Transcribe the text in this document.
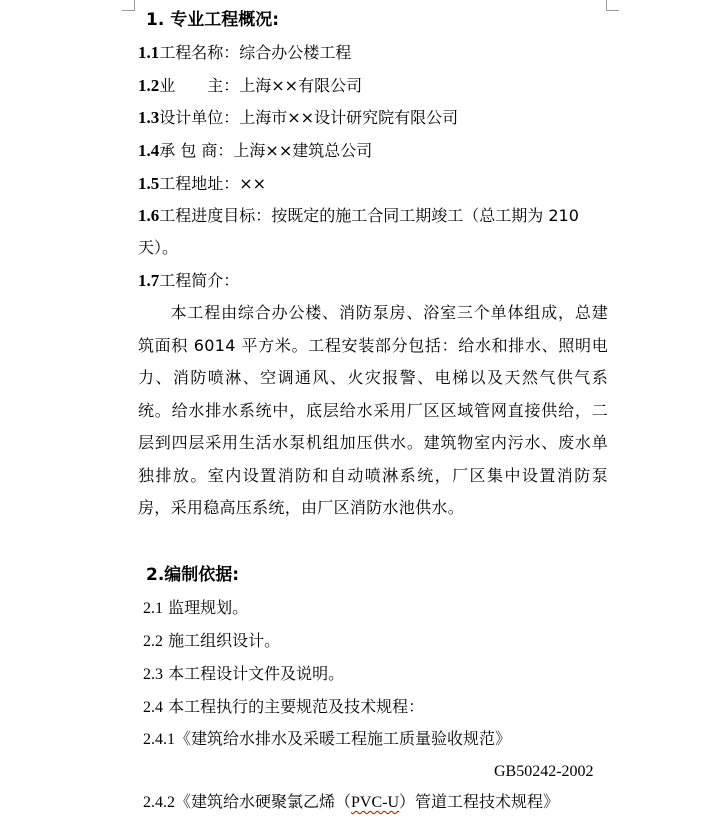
1. 专业工程概况:
1.1工程名称：综合办公楼工程
1.2业　　主：上海××有限公司
1.3设计单位：上海市××设计研究院有限公司
1.4承 包 商：上海××建筑总公司
1.5工程地址：××
1.6工程进度目标：按既定的施工合同工期竣工（总工期为 210
天）。
1.7工程简介：
本工程由综合办公楼、消防泵房、浴室三个单体组成，总建筑面积 6014 平方米。工程安装部分包括：给水和排水、照明电力、消防喷淋、空调通风、火灾报警、电梯以及天然气供气系统。给水排水系统中，底层给水采用厂区区域管网直接供给，二层到四层采用生活水泵机组加压供水。建筑物室内污水、废水单独排放。室内设置消防和自动喷淋系统，厂区集中设置消防泵房，采用稳高压系统，由厂区消防水池供水。
2.编制依据:
2.1 监理规划。
2.2 施工组织设计。
2.3 本工程设计文件及说明。
2.4 本工程执行的主要规范及技术规程：
2.4.1《建筑给水排水及采暖工程施工质量验收规范》
GB50242-2002
2.4.2《建筑给水硬聚氯乙烯（PVC-U）管道工程技术规程》
